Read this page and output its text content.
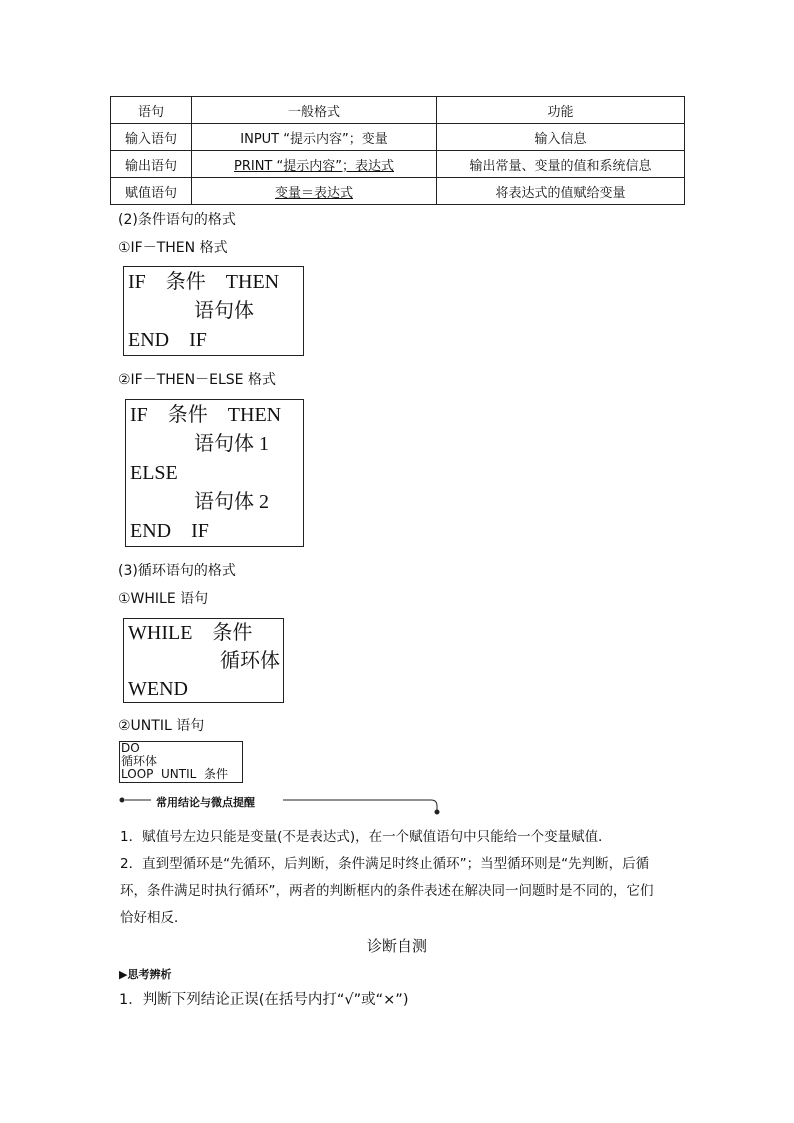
语句	一般格式	功能
输入语句	INPUT “提示内容”；变量	输入信息
输出语句	PRINT “提示内容”；表达式	输出常量、变量的值和系统信息
赋值语句	变量＝表达式	将表达式的值赋给变量
(2)条件语句的格式
①IF－THEN 格式
IF　条件　THEN
语句体
END　IF
②IF－THEN－ELSE 格式
IF　条件　THEN
语句体 1
ELSE
语句体 2
END　IF
(3)循环语句的格式
①WHILE 语句
WHILE　条件
循环体
WEND
②UNTIL 语句
DO
循环体
LOOP  UNTIL  条件
常用结论与微点提醒
1．赋值号左边只能是变量(不是表达式)，在一个赋值语句中只能给一个变量赋值．
2．直到型循环是“先循环，后判断，条件满足时终止循环”；当型循环则是“先判断，后循
环，条件满足时执行循环”，两者的判断框内的条件表述在解决同一问题时是不同的，它们
恰好相反．
诊断自测
▶思考辨析
1．判断下列结论正误(在括号内打“√”或“×”)
